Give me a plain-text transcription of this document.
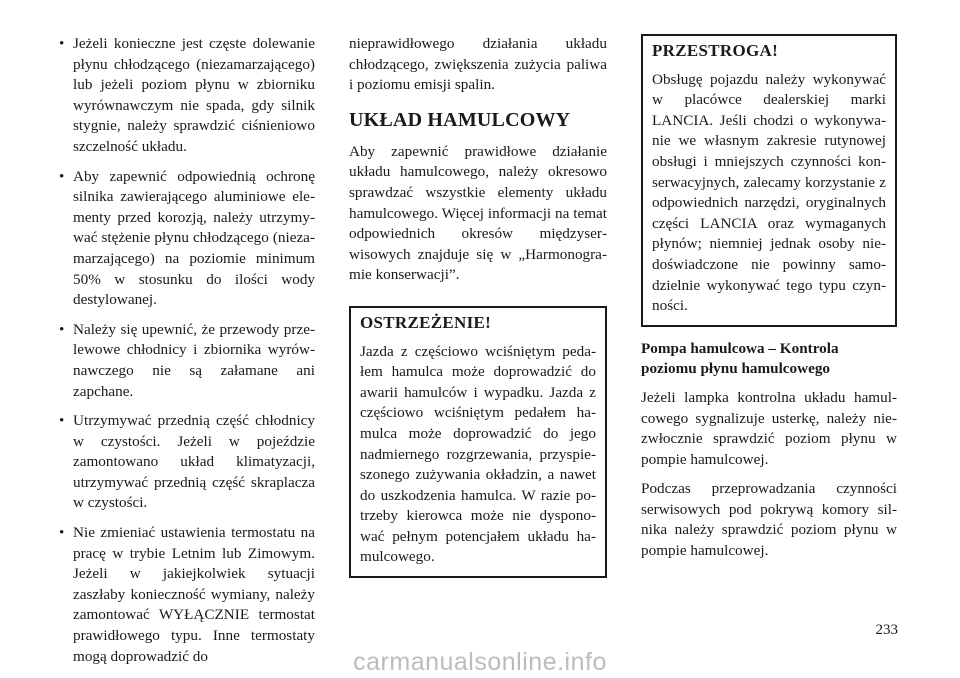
• Jeżeli konieczne jest częste dolewanie płynu chłodzącego (niezamarzającego) lub jeżeli poziom płynu w zbiorniku wyrównawczym nie spada, gdy silnik stygnie, należy sprawdzić ciśnieniowo szczelność układu.
• Aby zapewnić odpowiednią ochronę silnika zawierającego aluminiowe elementy przed korozją, należy utrzymywać stężenie płynu chłodzącego (niezamarzającego) na poziomie minimum 50% w stosunku do ilości wody destylowanej.
• Należy się upewnić, że przewody przelewowe chłodnicy i zbiornika wyrównawczego nie są załamane ani zapchane.
• Utrzymywać przednią część chłodnicy w czystości. Jeżeli w pojeździe zamontowano układ klimatyzacji, utrzymywać przednią część skraplacza w czystości.
• Nie zmieniać ustawienia termostatu na pracę w trybie Letnim lub Zimowym. Jeżeli w jakiejkolwiek sytuacji zaszłaby konieczność wymiany, należy zamontować WYŁĄCZNIE termostat prawidłowego typu. Inne termostaty mogą doprowadzić do

nieprawidłowego działania układu chłodzącego, zwiększenia zużycia paliwa i poziomu emisji spalin.

UKŁAD HAMULCOWY

Aby zapewnić prawidłowe działanie układu hamulcowego, należy okresowo sprawdzać wszystkie elementy układu hamulcowego. Więcej informacji na temat odpowiednich okresów międzyserwisowych znajduje się w „Harmonogramie konserwacji”.

OSTRZEŻENIE!

Jazda z częściowo wciśniętym pedałem hamulca może doprowadzić do awarii hamulców i wypadku. Jazda z częściowo wciśniętym pedałem hamulca może doprowadzić do jego nadmiernego rozgrzewania, przyspieszonego zużywania okładzin, a nawet do uszkodzenia hamulca. W razie potrzeby kierowca może nie dysponować pełnym potencjałem układu hamulcowego.

PRZESTROGA!

Obsługę pojazdu należy wykonywać w placówce dealerskiej marki LANCIA. Jeśli chodzi o wykonywanie we własnym zakresie rutynowej obsługi i mniejszych czynności konserwacyjnych, zalecamy korzystanie z odpowiednich narzędzi, oryginalnych części LANCIA oraz wymaganych płynów; niemniej jednak osoby niedoświadczone nie powinny samodzielnie wykonywać tego typu czynności.

Pompa hamulcowa – Kontrola poziomu płynu hamulcowego

Jeżeli lampka kontrolna układu hamulcowego sygnalizuje usterkę, należy niezwłocznie sprawdzić poziom płynu w pompie hamulcowej.

Podczas przeprowadzania czynności serwisowych pod pokrywą komory silnika należy sprawdzić poziom płynu w pompie hamulcowej.

233
carmanualsonline.info
